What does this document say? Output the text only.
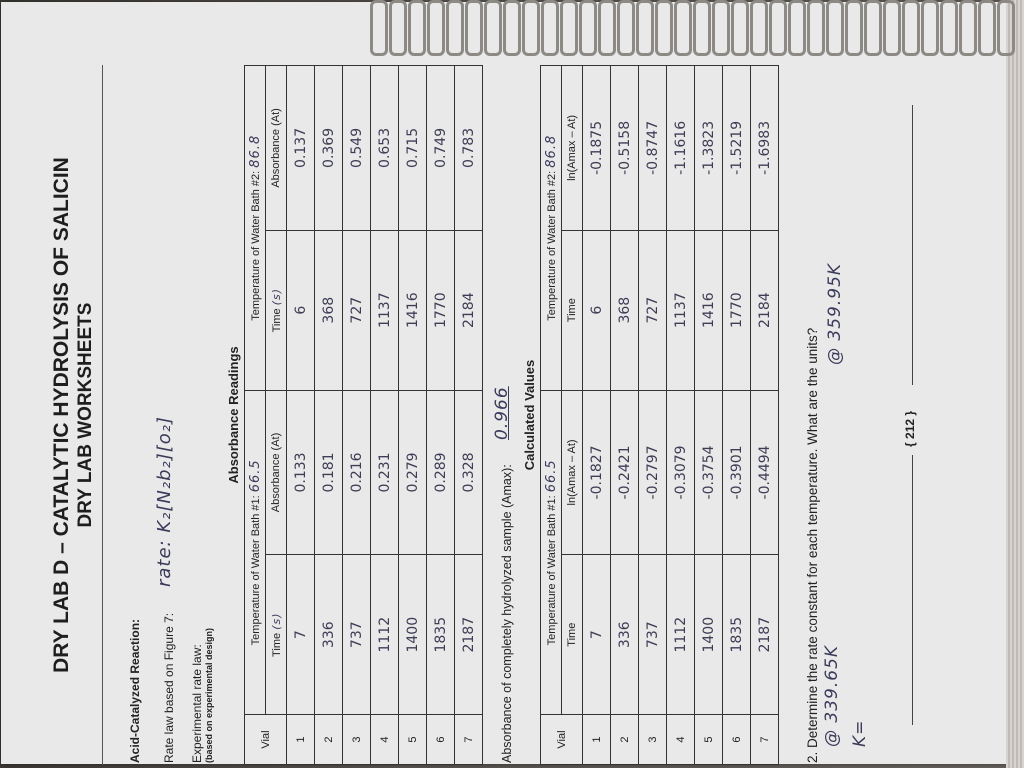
DRY LAB D – CATALYTIC HYDROLYSIS OF SALICIN DRY LAB WORKSHEETS
Acid-Catalyzed Reaction: Rate law based on Figure 7:
rate: K₂[N₂b₂][o₂]
Experimental rate law: (based on experimental design)
Absorbance Readings
Vial	Temperature of Water Bath #1: 66.5		Temperature of Water Bath #2: 86.8	
	Time (s)	Absorbance (At)	Time (s)	Absorbance (At)
1	7	0.133	6	0.137
2	336	0.181	368	0.369
3	737	0.216	727	0.549
4	1112	0.231	1137	0.653
5	1400	0.279	1416	0.715
6	1835	0.289	1770	0.749
7	2187	0.328	2184	0.783
Absorbance of completely hydrolyzed sample (Amax):
0.966 Calculated Values
Vial	Temperature of Water Bath #1: 66.5		Temperature of Water Bath #2: 86.8	
	Time	ln(Amax – At)	Time	ln(Amax – At)
1	7	-0.1827	6	-0.1875
2	336	-0.2421	368	-0.5158
3	737	-0.2797	727	-0.8747
4	1112	-0.3079	1137	-1.1616
5	1400	-0.3754	1416	-1.3823
6	1835	-0.3901	1770	-1.5219
7	2187	-0.4494	2184	-1.6983
2. Determine the rate constant for each temperature. What are the units? @ 339.65K
@ 359.95K
K=
{ 212 }
